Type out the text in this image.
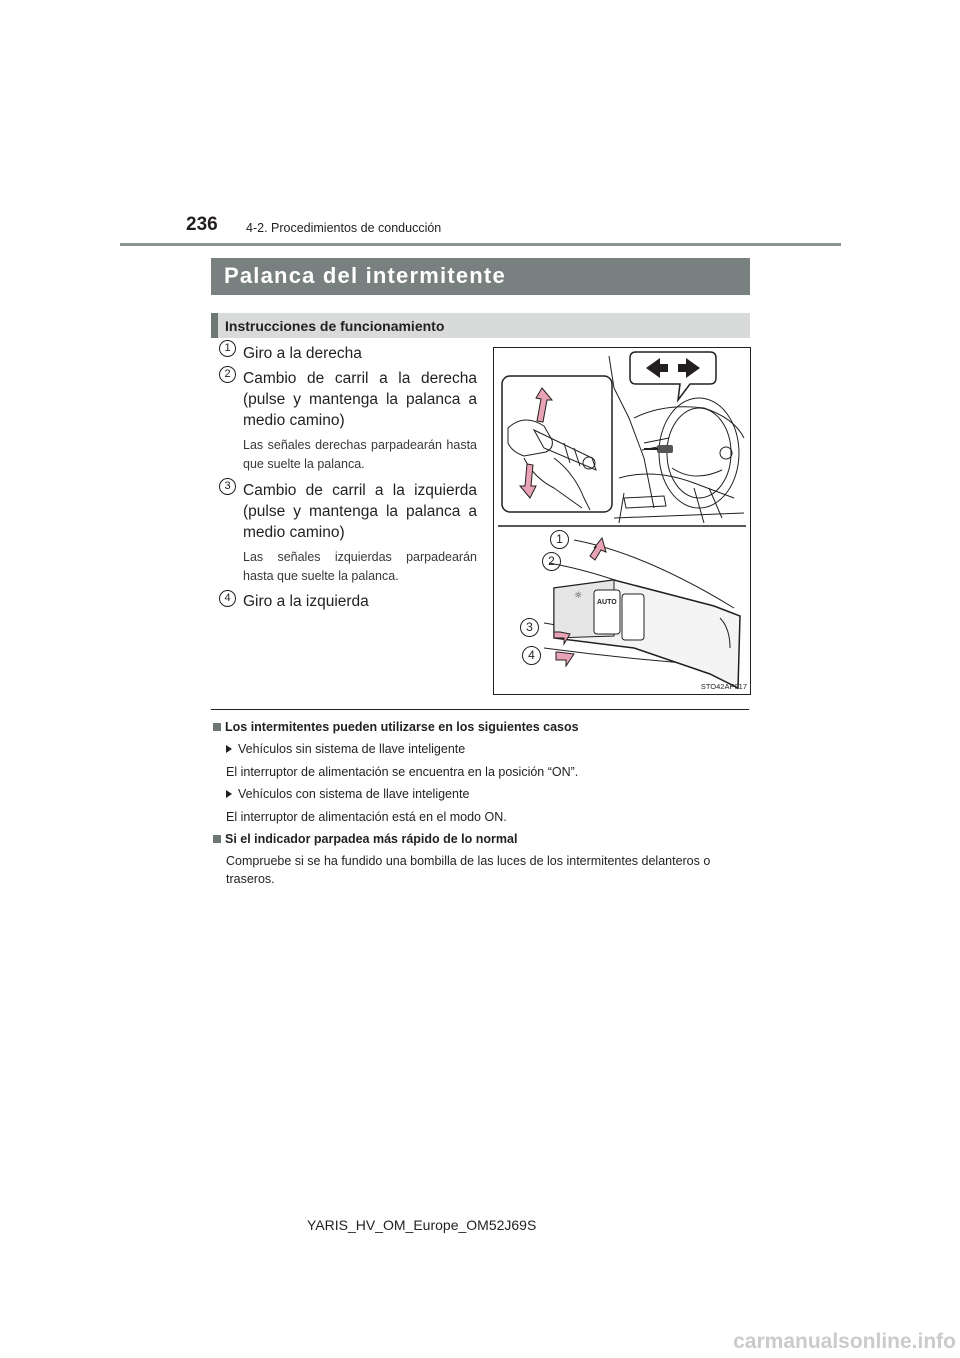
236 4-2. Procedimientos de conducción
Palanca del intermitente
Instrucciones de funcionamiento
1 Giro a la derecha
2 Cambio de carril a la derecha (pulse y mantenga la palanca a medio camino)
Las señales derechas parpadearán hasta que suelte la palanca.
3 Cambio de carril a la izquierda (pulse y mantenga la palanca a medio camino)
Las señales izquierdas parpadearán hasta que suelte la palanca.
4 Giro a la izquierda	AUTO
☼
1
2
3
4
STO42AP017
Los intermitentes pueden utilizarse en los siguientes casos
Vehículos sin sistema de llave inteligente
El interruptor de alimentación se encuentra en la posición “ON”.
Vehículos con sistema de llave inteligente
El interruptor de alimentación está en el modo ON.
Si el indicador parpadea más rápido de lo normal
Compruebe si se ha fundido una bombilla de las luces de los intermitentes delanteros o traseros.
YARIS_HV_OM_Europe_OM52J69S
carmanualsonline.info
